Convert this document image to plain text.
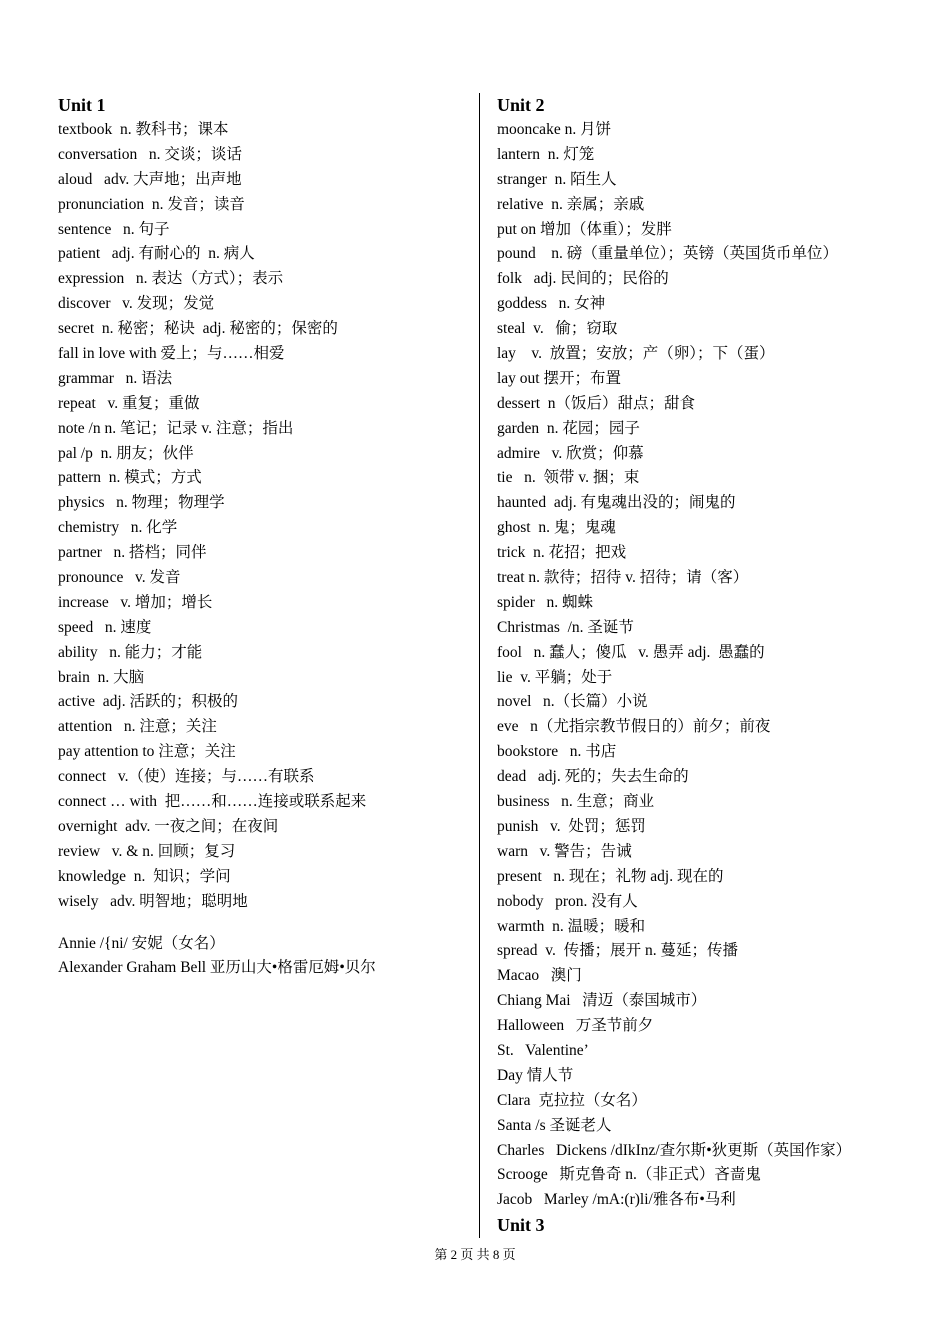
Unit 1
textbook  n. 教科书；课本
conversation   n. 交谈；谈话
aloud   adv. 大声地；出声地
pronunciation  n. 发音；读音
sentence   n. 句子
patient   adj. 有耐心的  n. 病人
expression   n. 表达（方式）；表示
discover   v. 发现；发觉
secret  n. 秘密；秘诀  adj. 秘密的；保密的
fall in love with 爱上；与……相爱
grammar   n. 语法
repeat   v. 重复；重做
note /n n. 笔记；记录 v. 注意；指出
pal /p  n. 朋友；伙伴
pattern  n. 模式；方式
physics   n. 物理；物理学
chemistry   n. 化学
partner   n. 搭档；同伴
pronounce   v. 发音
increase   v. 增加；增长
speed   n. 速度
ability   n. 能力；才能
brain  n. 大脑
active  adj. 活跃的；积极的
attention   n. 注意；关注
pay attention to 注意；关注
connect   v.（使）连接；与……有联系
connect … with  把……和……连接或联系起来
overnight  adv. 一夜之间；在夜间
review   v. & n. 回顾；复习
knowledge  n.  知识；学问
wisely   adv. 明智地；聪明地
Annie /{ni/ 安妮（女名）
Alexander Graham Bell 亚历山大•格雷厄姆•贝尔
Unit 2
mooncake n. 月饼
lantern  n. 灯笼
stranger  n. 陌生人
relative  n. 亲属；亲戚
put on 增加（体重）；发胖
pound    n. 磅（重量单位）；英镑（英国货币单位）
folk   adj. 民间的；民俗的
goddess   n. 女神
steal  v.   偷；窃取
lay    v.  放置；安放；产（卵）；下（蛋）
lay out 摆开；布置
dessert  n（饭后）甜点；甜食
garden  n. 花园；园子
admire   v. 欣赏；仰慕
tie   n.  领带 v. 捆；束
haunted  adj. 有鬼魂出没的；闹鬼的
ghost  n. 鬼；鬼魂
trick  n. 花招；把戏
treat n. 款待；招待 v. 招待；请（客）
spider   n. 蜘蛛
Christmas  /n. 圣诞节
fool   n. 蠢人；傻瓜   v. 愚弄 adj.  愚蠢的
lie  v. 平躺；处于
novel   n.（长篇）小说
eve   n（尤指宗教节假日的）前夕；前夜
bookstore   n. 书店
dead   adj. 死的；失去生命的
business   n. 生意；商业
punish   v.  处罚；惩罚
warn   v. 警告；告诫
present   n. 现在；礼物 adj. 现在的
nobody   pron. 没有人
warmth  n. 温暖；暖和
spread  v.  传播；展开 n. 蔓延；传播
Macao   澳门
Chiang Mai   清迈（泰国城市）
Halloween   万圣节前夕
St.   Valentine’
Day 情人节
Clara  克拉拉（女名）
Santa /s 圣诞老人
Charles   Dickens /dIkInz/查尔斯•狄更斯（英国作家）
Scrooge   斯克鲁奇 n.（非正式）吝啬鬼
Jacob   Marley /mA:(r)li/雅各布•马利
Unit 3
第 2 页 共 8 页
